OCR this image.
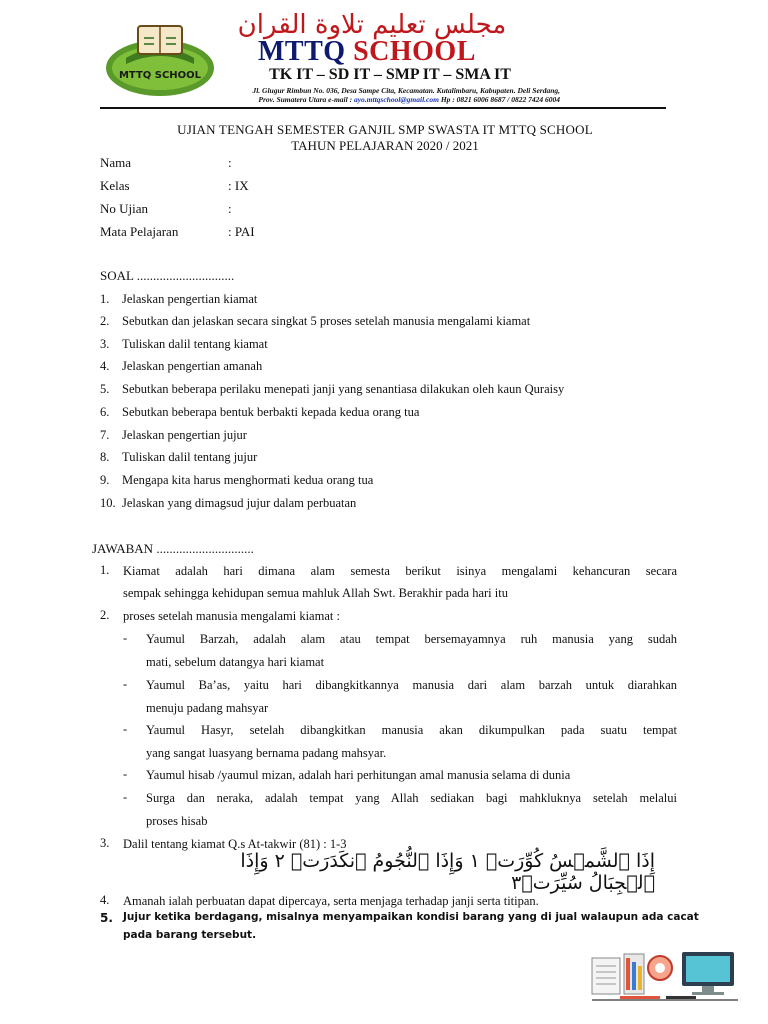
MTTQ SCHOOL
مجلس تعليم تلاوة القران
MTTQ SCHOOL
TK IT – SD IT – SMP IT – SMA IT
Jl. Glugur Rimbun No. 036, Desa Sampe Cita, Kecamatan. Kutalimbaru, Kabupaten. Deli Serdang,
Prov. Sumatera Utara e-mail : ayo.mttqschool@gmail.com Hp : 0821 6006 8687 / 0822 7424 6004
UJIAN TENGAH SEMESTER GANJIL SMP SWASTA IT MTTQ SCHOOL
TAHUN PELAJARAN 2020 / 2021
Nama	:
Kelas	: IX
No Ujian	:
Mata Pelajaran	: PAI
SOAL ..............................
1. Jelaskan pengertian kiamat
2. Sebutkan dan jelaskan secara singkat 5 proses setelah manusia mengalami kiamat
3. Tuliskan dalil tentang kiamat
4. Jelaskan pengertian amanah
5. Sebutkan beberapa perilaku menepati janji yang senantiasa dilakukan oleh kaun Quraisy
6. Sebutkan beberapa bentuk berbakti kepada kedua orang tua
7. Jelaskan pengertian jujur
8. Tuliskan dalil tentang jujur
9. Mengapa kita harus menghormati kedua orang tua
10. Jelaskan yang dimagsud jujur dalam perbuatan
JAWABAN ..............................
1. Kiamat adalah hari dimana alam semesta berikut isinya mengalami kehancuran secara
sempak sehingga kehidupan semua mahluk Allah Swt. Berakhir pada hari itu
2. proses setelah manusia mengalami kiamat :
- Yaumul Barzah, adalah alam atau tempat bersemayamnya ruh manusia yang sudah
mati, sebelum datangya hari kiamat
- Yaumul Ba’as, yaitu hari dibangkitkannya manusia dari alam barzah untuk diarahkan
menuju padang mahsyar
- Yaumul Hasyr, setelah dibangkitkan manusia akan dikumpulkan pada suatu tempat
yang sangat luasyang bernama padang mahsyar.
- Yaumul hisab /yaumul mizan, adalah hari perhitungan amal manusia selama di dunia
- Surga dan neraka, adalah tempat yang Allah sediakan bagi mahkluknya setelah melalui
proses hisab
3. Dalil tentang kiamat Q.s At-takwir (81) : 1-3
إِذَا ٱلشَّمۡسُ كُوِّرَتۡ ١ وَإِذَا ٱلنُّجُومُ ٱنكَدَرَتۡ ٢ وَإِذَا ٱلۡجِبَالُ سُيِّرَتۡ٣
4. Amanah ialah perbuatan dapat dipercaya, serta menjaga terhadap janji serta titipan.
5. Jujur ketika berdagang, misalnya menyampaikan kondisi barang yang di jual walaupun ada cacat
pada barang tersebut.
